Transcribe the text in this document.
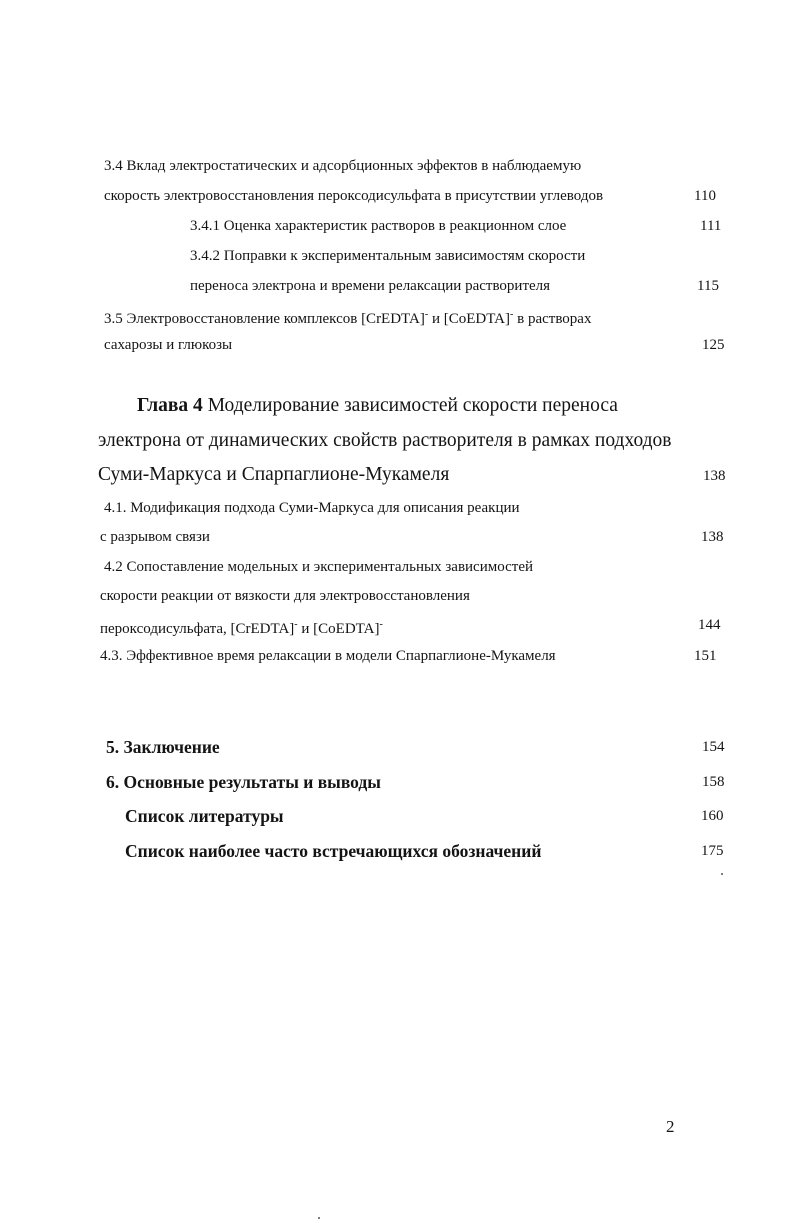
3.4 Вклад электростатических и адсорбционных эффектов в наблюдаемую
скорость электровосстановления пероксодисульфата в присутствии углеводов	110
3.4.1 Оценка характеристик растворов в реакционном слое	111
3.4.2 Поправки к экспериментальным зависимостям скорости
переноса электрона и времени релаксации растворителя	115
3.5 Электровосстановление комплексов [CrEDTA]- и [CoEDTA]- в растворах
сахарозы и глюкозы	125
Глава 4 Моделирование зависимостей скорости переноса
электрона от динамических свойств растворителя в рамках подходов
Суми-Маркуса и Спарпаглионе-Мукамеля	138
4.1. Модификация подхода Суми-Маркуса для описания реакции
с разрывом связи	138
4.2 Сопоставление модельных и экспериментальных зависимостей
скорости реакции от вязкости для электровосстановления
пероксодисульфата, [CrEDTA]- и [CoEDTA]-	144
4.3. Эффективное время релаксации в модели Спарпаглионе-Мукамеля	151
5. Заключение	154
6. Основные результаты и выводы	158
Список литературы	160
Список наиболее часто встречающихся обозначений	175
2
